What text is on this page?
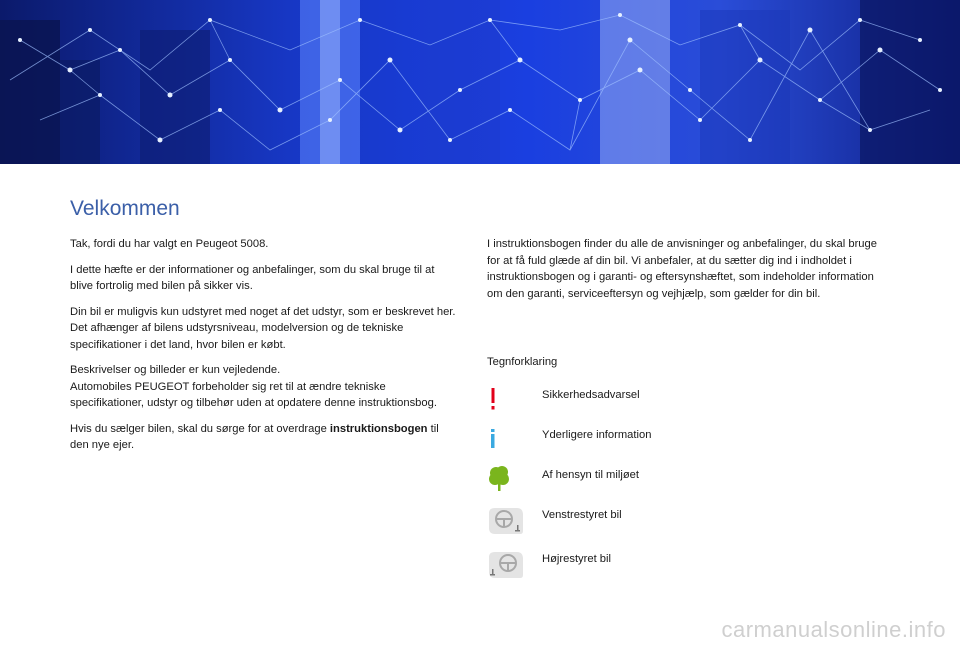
Velkommen

Tak, fordi du har valgt en Peugeot 5008.

I dette hæfte er der informationer og anbefalinger, som du skal bruge til at blive fortrolig med bilen på sikker vis.

Din bil er muligvis kun udstyret med noget af det udstyr, som er beskrevet her. Det afhænger af bilens udstyrsniveau, modelversion og de tekniske specifikationer i det land, hvor bilen er købt.

Beskrivelser og billeder er kun vejledende.
Automobiles PEUGEOT forbeholder sig ret til at ændre tekniske specifikationer, udstyr og tilbehør uden at opdatere denne instruktionsbog.

Hvis du sælger bilen, skal du sørge for at overdrage instruktionsbogen til den nye ejer.

I instruktionsbogen finder du alle de anvisninger og anbefalinger, du skal bruge for at få fuld glæde af din bil. Vi anbefaler, at du sætter dig ind i indholdet i instruktionsbogen og i garanti- og eftersynshæftet, som indeholder information om den garanti, serviceeftersyn og vejhjælp, som gælder for din bil.

Tegnforklaring

Sikkerhedsadvarsel
Yderligere information
Af hensyn til miljøet
Venstrestyret bil
Højrestyret bil
carmanualsonline.info
